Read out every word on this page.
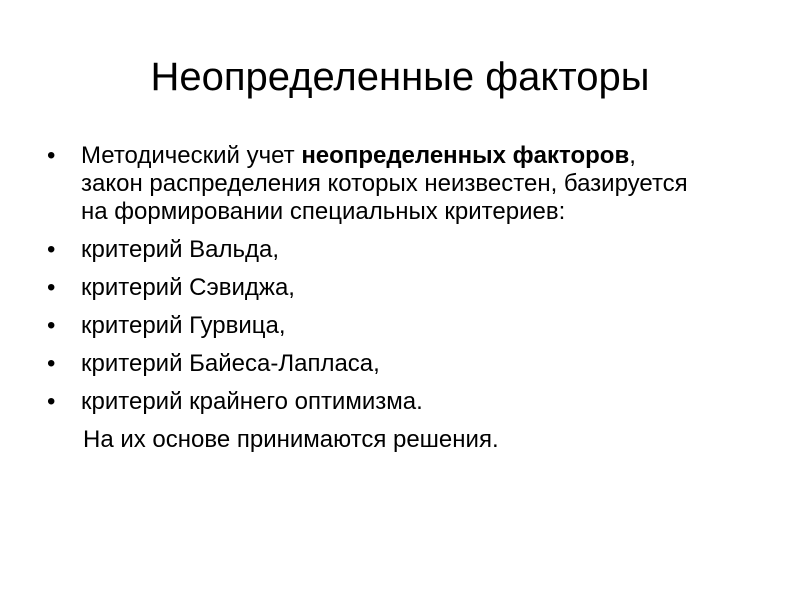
Неопределенные факторы
•	Методический учет неопределенных факторов, закон распределения которых неизвестен, базируется на формировании специальных критериев:
•	критерий Вальда,
•	критерий Сэвиджа,
•	критерий Гурвица,
•	критерий Байеса-Лапласа,
•	критерий крайнего оптимизма.

На их основе принимаются решения.
